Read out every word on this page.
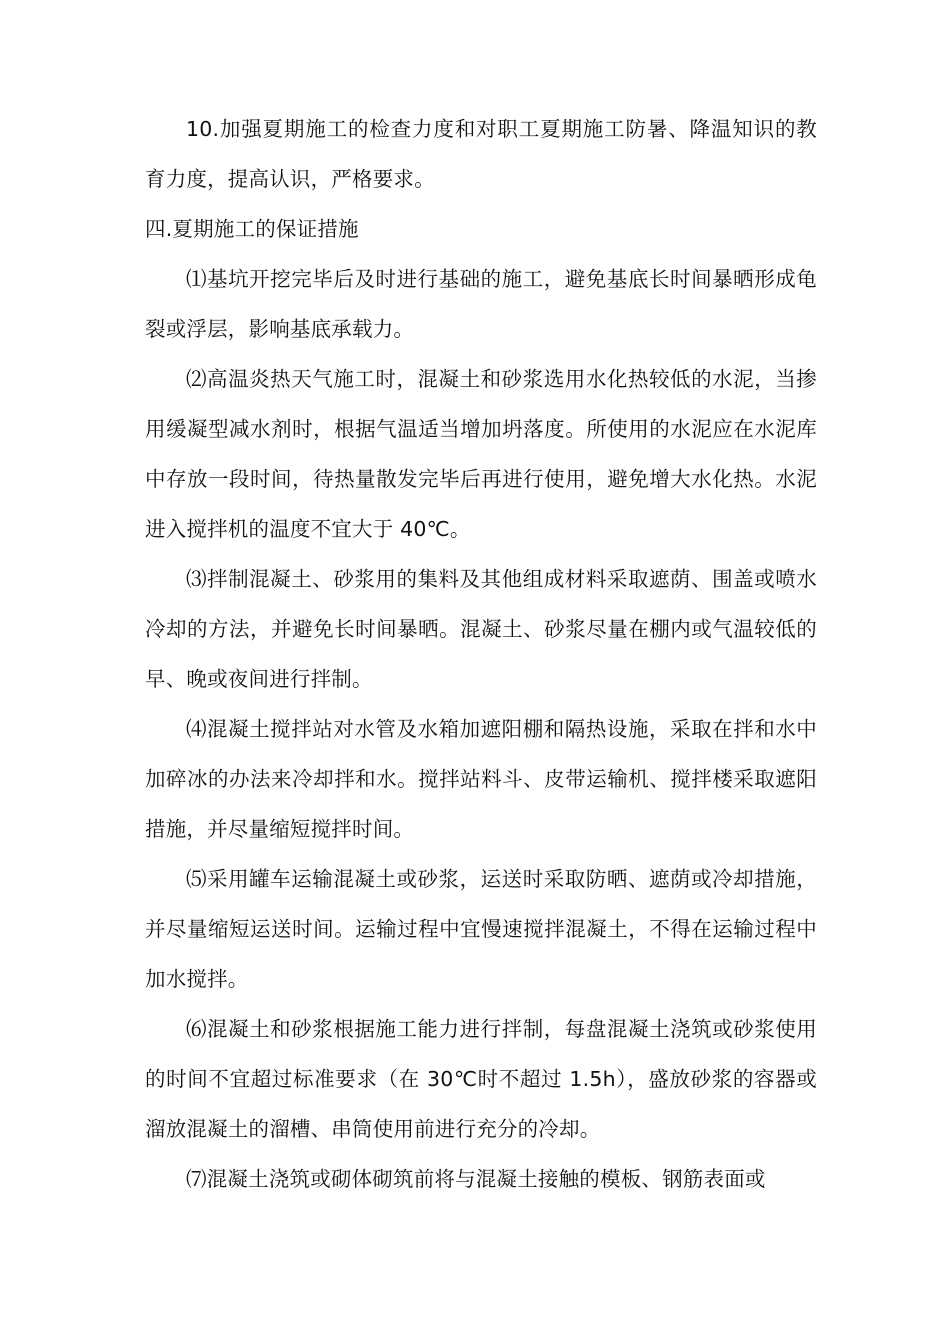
10.加强夏期施工的检查力度和对职工夏期施工防暑、降温知识的教育力度，提高认识，严格要求。

四.夏期施工的保证措施

⑴基坑开挖完毕后及时进行基础的施工，避免基底长时间暴晒形成龟裂或浮层，影响基底承载力。

⑵高温炎热天气施工时，混凝土和砂浆选用水化热较低的水泥，当掺用缓凝型减水剂时，根据气温适当增加坍落度。所使用的水泥应在水泥库中存放一段时间，待热量散发完毕后再进行使用，避免增大水化热。水泥进入搅拌机的温度不宜大于 40℃。

⑶拌制混凝土、砂浆用的集料及其他组成材料采取遮荫、围盖或喷水冷却的方法，并避免长时间暴晒。混凝土、砂浆尽量在棚内或气温较低的早、晚或夜间进行拌制。

⑷混凝土搅拌站对水管及水箱加遮阳棚和隔热设施，采取在拌和水中加碎冰的办法来冷却拌和水。搅拌站料斗、皮带运输机、搅拌楼采取遮阳措施，并尽量缩短搅拌时间。

⑸采用罐车运输混凝土或砂浆，运送时采取防晒、遮荫或冷却措施，并尽量缩短运送时间。运输过程中宜慢速搅拌混凝土，不得在运输过程中加水搅拌。

⑹混凝土和砂浆根据施工能力进行拌制，每盘混凝土浇筑或砂浆使用的时间不宜超过标准要求（在 30℃时不超过 1.5h），盛放砂浆的容器或溜放混凝土的溜槽、串筒使用前进行充分的冷却。

⑺混凝土浇筑或砌体砌筑前将与混凝土接触的模板、钢筋表面或
